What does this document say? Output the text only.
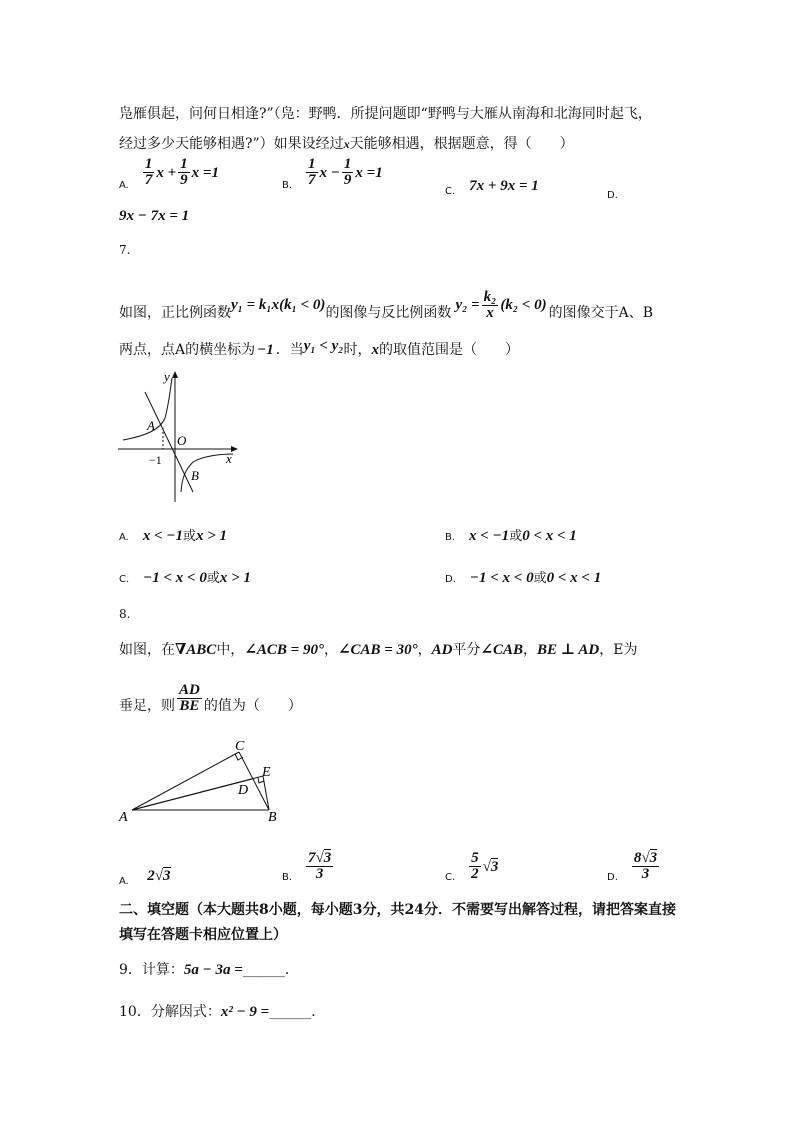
凫雁俱起，问何日相逢?”（凫：野鸭．所提问题即“野鸭与大雁从南海和北海同时起飞，
经过多少天能够相遇?”）如果设经过x天能够相遇，根据题意，得（　　）
A. $\frac{1}{7}$ $x + \frac{1}{9}$ x =1
B. $\frac{1}{7}$ $x - \frac{1}{9}$ x =1
C. 7x + 9x = 1
D.
9x − 7x = 1
7.
如图，正比例函数 y₁ = k₁x(k₁ < 0) 的图像与反比例函数 $y_2 = \frac{\text{k₂}}{x} (k_2 < 0)$ 的图像交于A、B
两点，点A的横坐标为 −1 ．当y₁ < y₂时，x的取值范围是（　　）
y
x
O
−1
A
B
A. x < −1或x > 1	B. x < −1或0 < x < 1
C. −1 < x < 0或x > 1	D. −1 < x < 0或0 < x < 1
8.
如图，在∇ABC中，∠ACB = 90°，∠CAB = 30°，AD平分∠CAB，BE ⊥ AD，E为
垂足，则 $\frac{AD}{BE}$ 的值为（　　）
A	B
C
D
E
A. 2√3	B. $\frac{7√3}{3}$	C. $\frac{5}{2} √3$
D. $\frac{8√3}{3}$
二、填空题（本大题共8小题，每小题3分，共24分．不需要写出解答过程，请把答案直接
填写在答题卡相应位置上）
9．计算：5a − 3a =______．
10．分解因式：x² − 9 =______．
